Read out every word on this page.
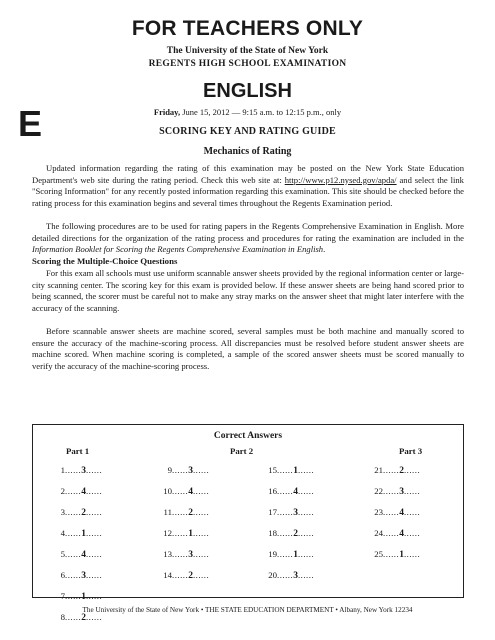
FOR TEACHERS ONLY
The University of the State of New York
REGENTS HIGH SCHOOL EXAMINATION
ENGLISH
E	Friday, June 15, 2012 — 9:15 a.m. to 12:15 p.m., only
SCORING KEY AND RATING GUIDE
Mechanics of Rating

Updated information regarding the rating of this examination may be posted on the New York State Education Department's web site during the rating period. Check this web site at: http://www.p12.nysed.gov/apda/ and select the link "Scoring Information" for any recently posted information regarding this examination. This site should be checked before the rating process for this examination begins and several times throughout the Regents Examination period.

The following procedures are to be used for rating papers in the Regents Comprehensive Examination in English. More detailed directions for the organization of the rating process and procedures for rating the examination are included in the Information Booklet for Scoring the Regents Comprehensive Examination in English.

Scoring the Multiple-Choice Questions

For this exam all schools must use uniform scannable answer sheets provided by the regional information center or large-city scanning center. The scoring key for this exam is provided below. If these answer sheets are being hand scored prior to being scanned, the scorer must be careful not to make any stray marks on the answer sheet that might later interfere with the accuracy of the scanning.

Before scannable answer sheets are machine scored, several samples must be both machine and manually scored to ensure the accuracy of the machine-scoring process. All discrepancies must be resolved before student answer sheets are machine scored. When machine scoring is completed, a sample of the scored answer sheets must be scored manually to verify the accuracy of the machine-scoring process.

Correct Answers
Part 1	Part 2	Part 3
1......3......
2......4......
3......2......
4......1......
5......4......
6......3......
7......1......
8......2......
9......3......
10......4......
11......2......
12......1......
13......3......
14......2......
15......1......
16......4......
17......3......
18......2......
19......1......
20......3......
21......2......
22......3......
23......4......
24......4......
25......1......
The University of the State of New York • THE STATE EDUCATION DEPARTMENT • Albany, New York 12234
